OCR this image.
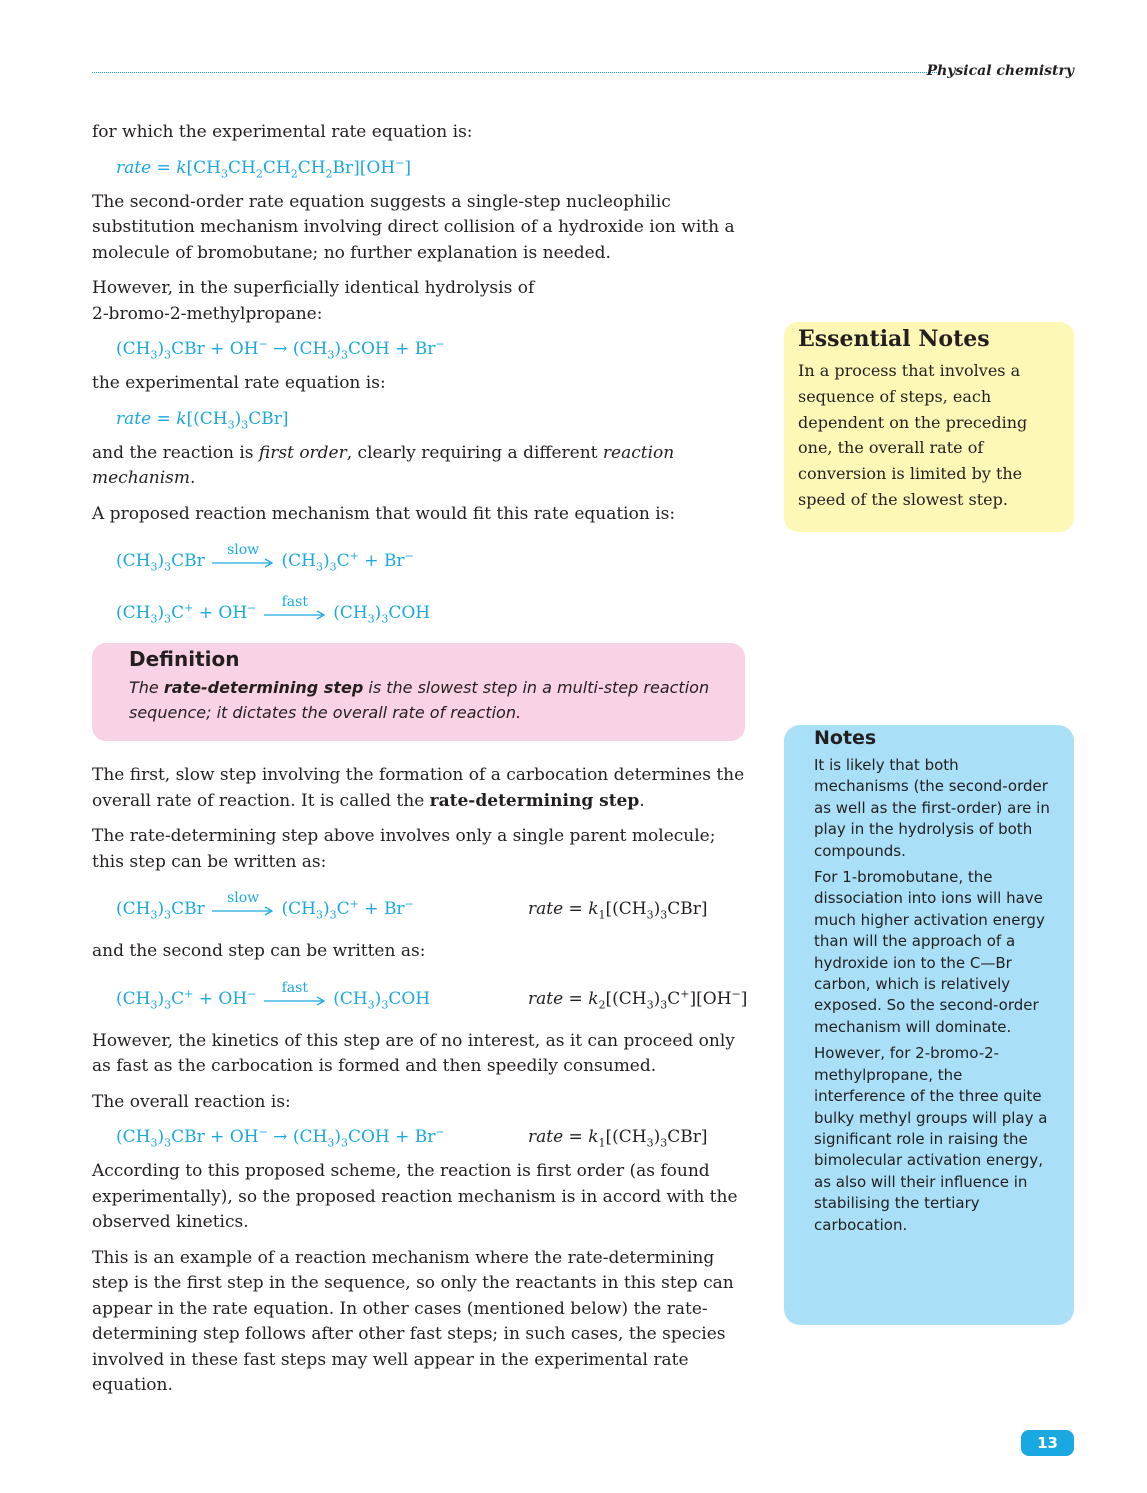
Physical chemistry

for which the experimental rate equation is:

rate = $k[CH_3CH_2CH_2CH_2Br][OH^-]$

The second-order rate equation suggests a single-step nucleophilic substitution mechanism involving direct collision of a hydroxide ion with a molecule of bromobutane; no further explanation is needed.

However, in the superficially identical hydrolysis of
2-bromo-2-methylpropane:

$(CH_3)_3CBr + OH^- \to (CH_3)_3COH + Br^-$

the experimental rate equation is:

rate = $k[(CH_3)_3CBr]$

and the reaction is first order, clearly requiring a different reaction mechanism.

A proposed reaction mechanism that would fit this rate equation is:

$(CH_3)_3CBr$
slow
$(CH_3)_3C^+ + Br^-$
$(CH_3)_3C^+ + OH^-$	fast
$(CH_3)_3COH$
Definition

The rate-determining step is the slowest step in a multi-step reaction sequence; it dictates the overall rate of reaction.

The first, slow step involving the formation of a carbocation determines the overall rate of reaction. It is called the rate-determining step.

The rate-determining step above involves only a single parent molecule; this step can be written as:

$(CH_3)_3CBr$
slow
$(CH_3)_3C^+ + Br^-$	rate = $k_1[(CH_3)_3CBr]$

and the second step can be written as:

$(CH_3)_3C^+ + OH^-$	fast
$(CH_3)_3COH$	rate = $k_2[(CH_3)_3C^+][OH^-]$

However, the kinetics of this step are of no interest, as it can proceed only as fast as the carbocation is formed and then speedily consumed.

The overall reaction is:

$(CH_3)_3CBr + OH^- \to (CH_3)_3COH + Br^-$	rate = $k_1[(CH_3)_3CBr]$

According to this proposed scheme, the reaction is first order (as found experimentally), so the proposed reaction mechanism is in accord with the observed kinetics.

This is an example of a reaction mechanism where the rate-determining step is the first step in the sequence, so only the reactants in this step can appear in the rate equation. In other cases (mentioned below) the rate-determining step follows after other fast steps; in such cases, the species involved in these fast steps may well appear in the experimental rate equation.

Essential Notes

In a process that involves a sequence of steps, each dependent on the preceding one, the overall rate of conversion is limited by the speed of the slowest step.

Notes

It is likely that both mechanisms (the second-order as well as the first-order) are in play in the hydrolysis of both compounds.

For 1-bromobutane, the dissociation into ions will have much higher activation energy than will the approach of a hydroxide ion to the C—Br carbon, which is relatively exposed. So the second-order mechanism will dominate.

However, for 2-bromo-2-methylpropane, the interference of the three quite bulky methyl groups will play a significant role in raising the bimolecular activation energy, as also will their influence in stabilising the tertiary carbocation.

13
